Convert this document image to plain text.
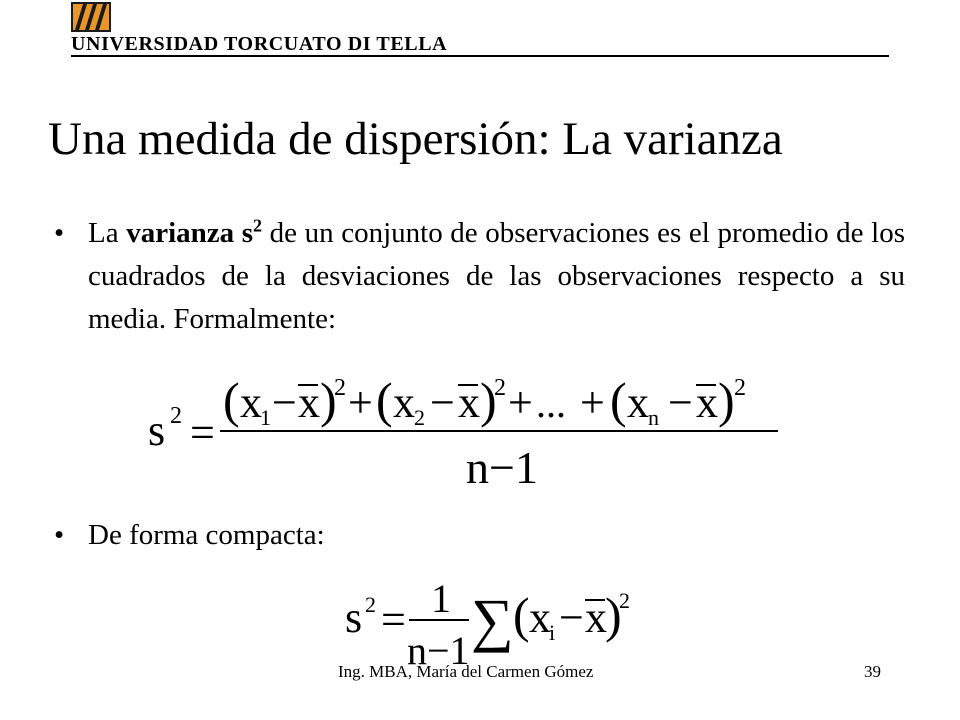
UNIVERSIDAD TORCUATO DI TELLA
Una medida de dispersión: La varianza
• La varianza $s^2$ de un conjunto de observaciones es el promedio de los cuadrados de la desviaciones de las observaciones respecto a su media. Formalmente:
s 2 =
( x
1 − x )
2 + ( x 2 − x )
2 + ... + ( x n − x ) 2
n−1
• De forma compacta:
s 2 = 1
n−1 ∑ ( x
i − x
)
2
Ing. MBA, María del Carmen Gómez	39
